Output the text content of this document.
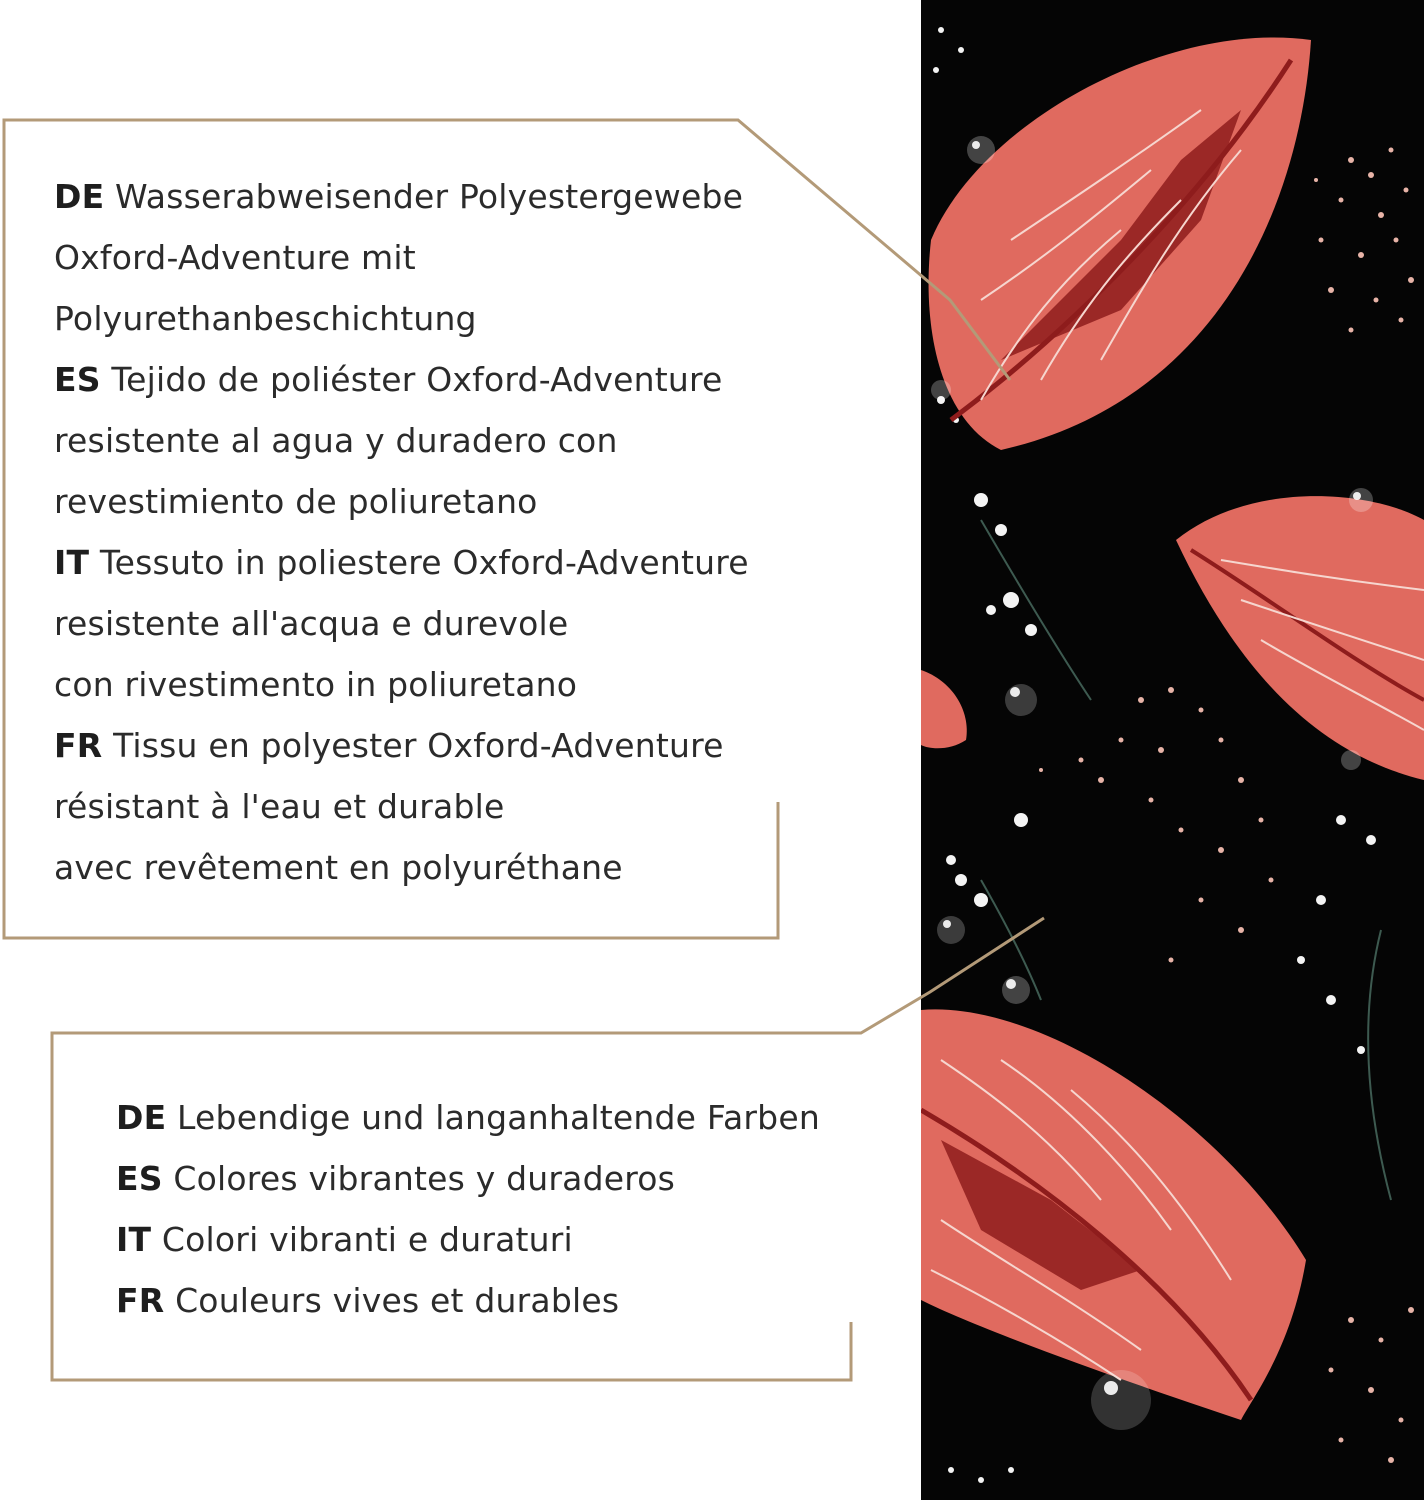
DE Wasserabweisender Polyestergewebe
Oxford-Adventure mit
Polyurethanbeschichtung
ES Tejido de poliéster Oxford-Adventure
resistente al agua y duradero con
revestimiento de poliuretano
IT Tessuto in poliestere Oxford-Adventure
resistente all'acqua e durevole
con rivestimento in poliuretano
FR Tissu en polyester Oxford-Adventure
résistant à l'eau et durable
avec revêtement en polyuréthane
DE Lebendige und langanhaltende Farben
ES Colores vibrantes y duraderos
IT Colori vibranti e duraturi
FR Couleurs vives et durables
